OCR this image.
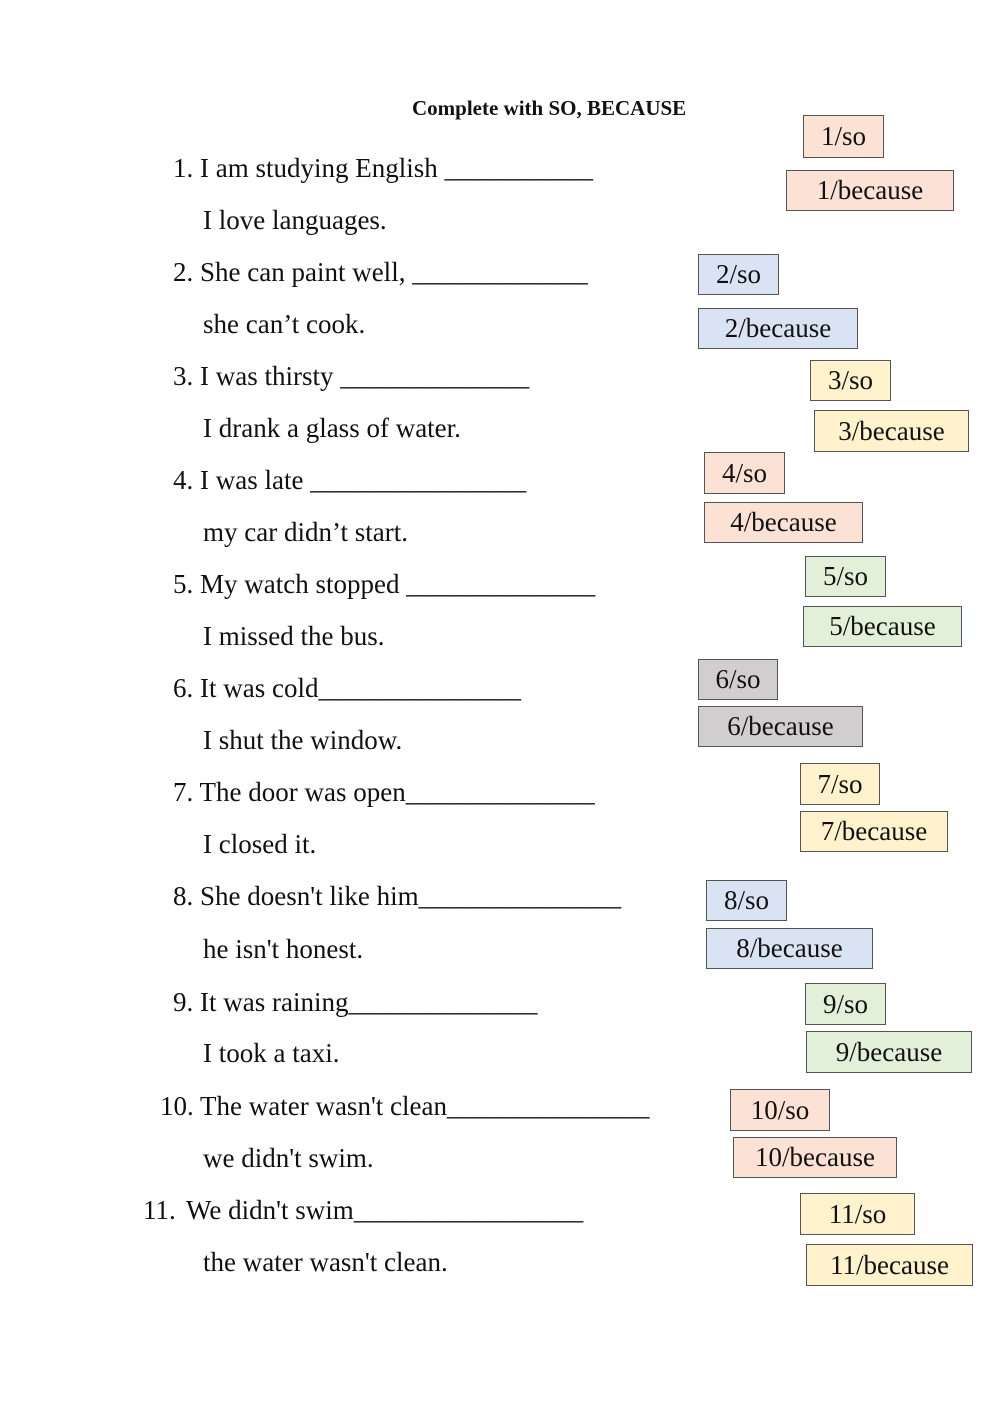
Complete with SO, BECAUSE
1. I am studying English ___________
I love languages.
2. She can paint well, _____________
she can’t cook.
3. I was thirsty ______________
I drank a glass of water.
4. I was late ________________
my car didn’t start.
5. My watch stopped ______________
I missed the bus.
6. It was cold_______________
I shut the window.
7. The door was open______________
I closed it.
8. She doesn't like him_______________
he isn't honest.
9. It was raining______________
I took a taxi.
10. The water wasn't clean_______________
we didn't swim.
11. We didn't swim_________________
the water wasn't clean.
1/so
1/because
2/so
2/because
3/so
3/because
4/so
4/because
5/so
5/because
6/so
6/because
7/so
7/because
8/so
8/because
9/so
9/because
10/so
10/because
11/so
11/because
